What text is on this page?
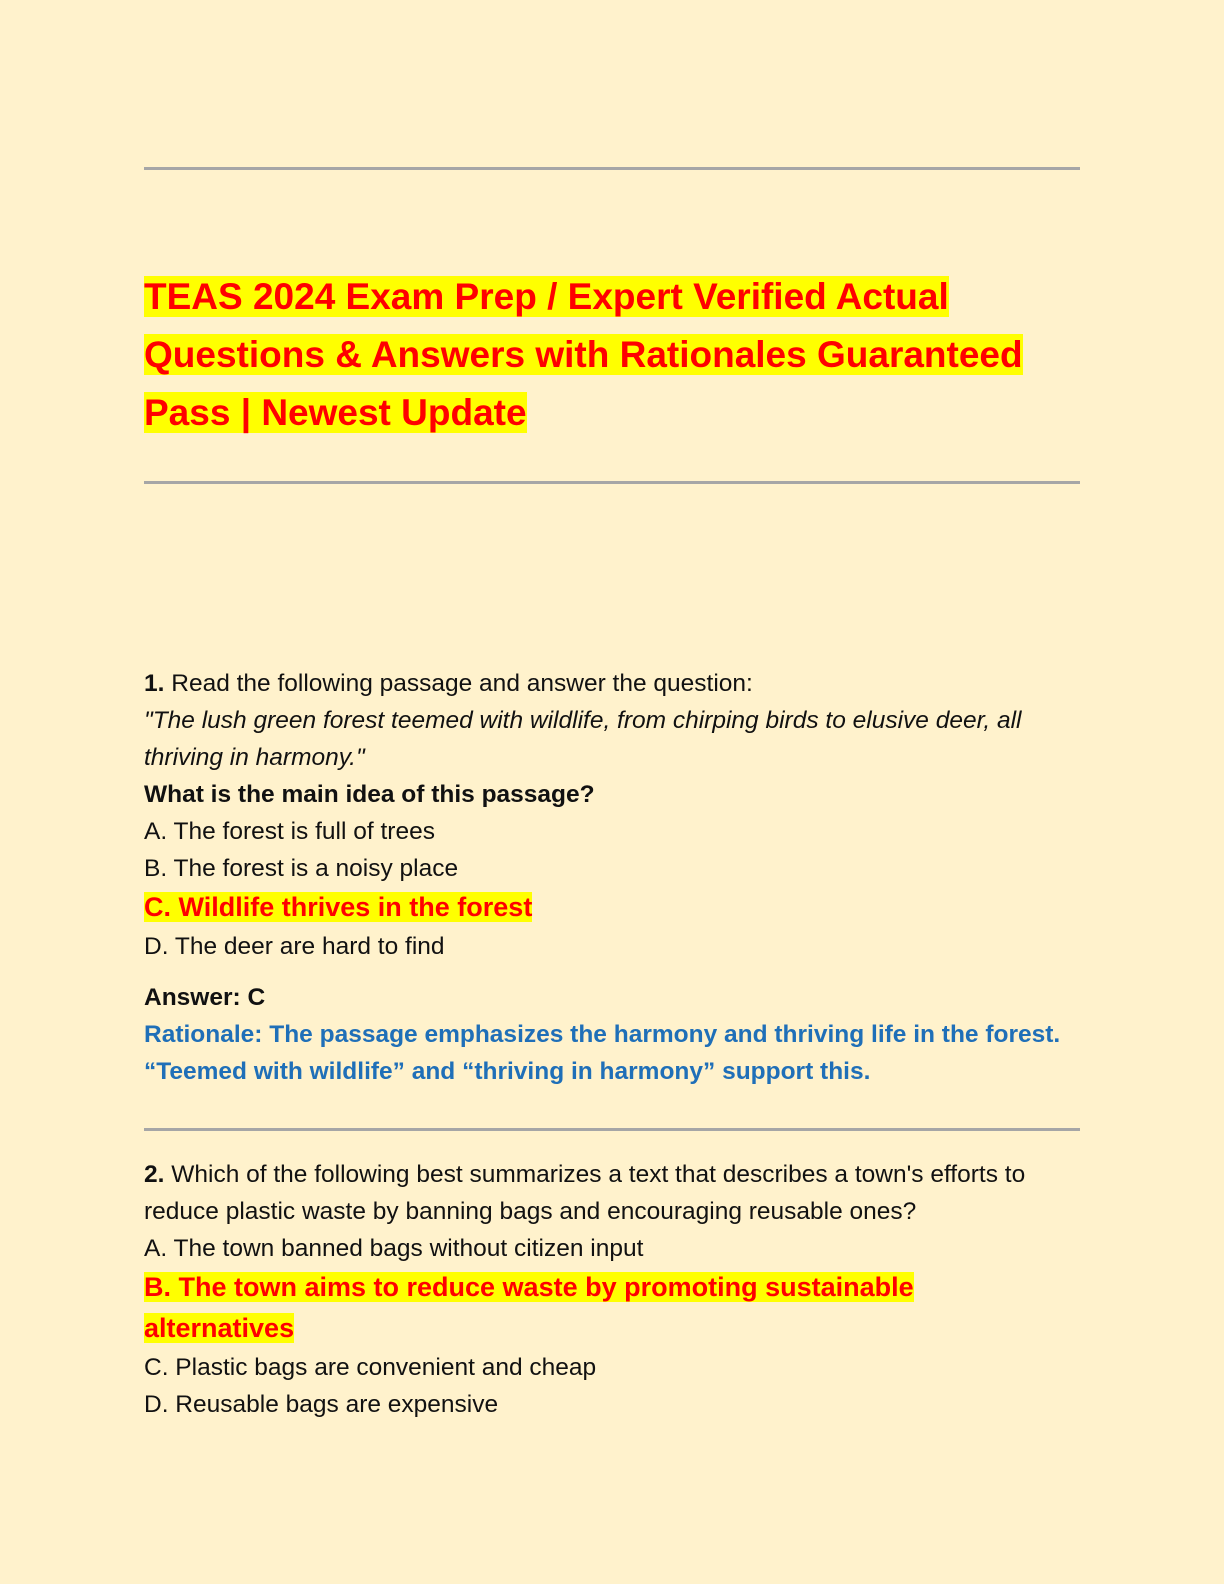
TEAS 2024 Exam Prep / Expert Verified Actual Questions & Answers with Rationales Guaranteed Pass | Newest Update

1. Read the following passage and answer the question:

"The lush green forest teemed with wildlife, from chirping birds to elusive deer, all thriving in harmony."

What is the main idea of this passage?

A. The forest is full of trees

B. The forest is a noisy place

C. Wildlife thrives in the forest

D. The deer are hard to find

Answer: C

Rationale: The passage emphasizes the harmony and thriving life in the forest. “Teemed with wildlife” and “thriving in harmony” support this.

2. Which of the following best summarizes a text that describes a town's efforts to reduce plastic waste by banning bags and encouraging reusable ones?

A. The town banned bags without citizen input

B. The town aims to reduce waste by promoting sustainable alternatives

C. Plastic bags are convenient and cheap

D. Reusable bags are expensive
